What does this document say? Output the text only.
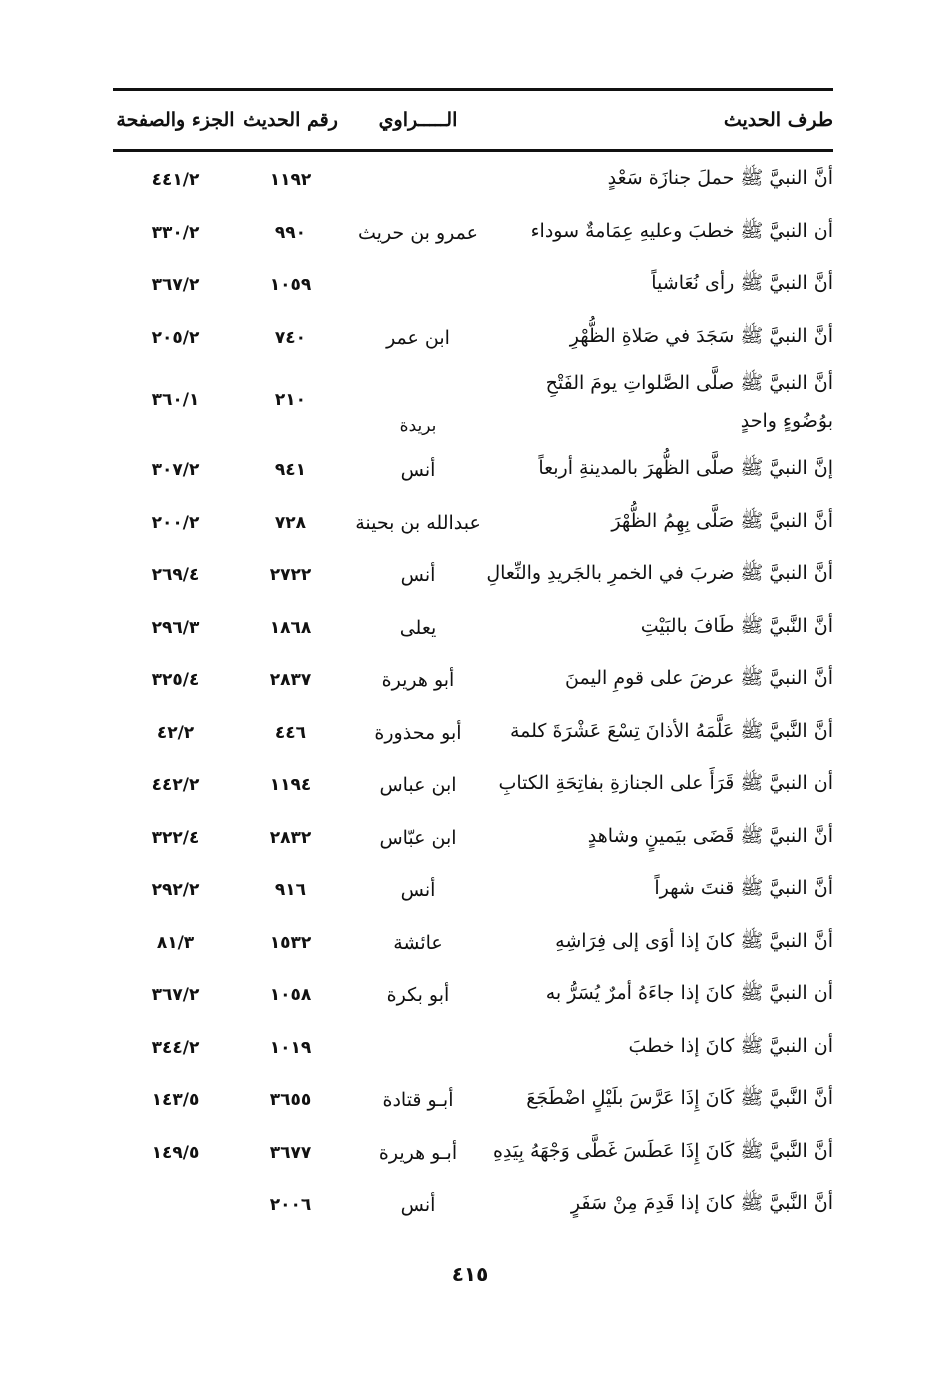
طرف الحديث
الـــــراوي
رقم الحديث
الجزء والصفحة
أنَّ النبيَّ ﷺ حملَ جنازَة سَعْدٍ
١١٩٢
٤٤١/٢
أن النبيَّ ﷺ خطبَ وعليهِ عِمَامةٌ سوداء
عمرو بن حريث
٩٩٠
٣٣٠/٢
أنَّ النبيَّ ﷺ رأى نُعَاشياً
١٠٥٩
٣٦٧/٢
أنَّ النبيَّ ﷺ سَجَدَ في صَلاةِ الظُّهْرِ
ابن عمر
٧٤٠
٢٠٥/٢
أنَّ النبيَّ ﷺ صلَّى الصَّلواتِ يومَ الفَتْحِ بوُضُوءٍ واحدٍ
بريدة
٢١٠
٣٦٠/١
إنَّ النبيَّ ﷺ صلَّى الظُّهرَ بالمدينةِ أربعاً
أنس
٩٤١
٣٠٧/٢
أنَّ النبيَّ ﷺ صَلَّى بِهِمُ الظُّهْرَ
عبدالله بن بحينة
٧٢٨
٢٠٠/٢
أنَّ النبيَّ ﷺ ضربَ في الخمرِ بالجَريدِ والنِّعالِ
أنس
٢٧٢٢
٢٦٩/٤
أنَّ النَّبيَّ ﷺ طَافَ بالبَيْتِ
يعلى
١٨٦٨
٢٩٦/٣
أنَّ النبيَّ ﷺ عرضَ على قومِ اليمنَ
أبو هريرة
٢٨٣٧
٣٢٥/٤
أنَّ النَّبيَّ ﷺ عَلَّمَهُ الأذانَ تِسْعَ عَشْرَةَ كلمة
أبو محذورة
٤٤٦
٤٢/٢
أن النبيَّ ﷺ قَرَأَ على الجنازةِ بفاتِحَةِ الكتابِ
ابن عباس
١١٩٤
٤٤٢/٢
أنَّ النبيَّ ﷺ قَضَى بيَمينٍ وشاهدٍ
ابن عبّاس
٢٨٣٢
٣٢٢/٤
أنَّ النبيَّ ﷺ قنتَ شهراً
أنس
٩١٦
٢٩٢/٢
أنَّ النبيَّ ﷺ كانَ إذا أوَى إلى فِرَاشِهِ
عائشة
١٥٣٢
٨١/٣
أن النبيَّ ﷺ كانَ إذا جاءَهُ أمرٌ يُسَرُّ به
أبو بكرة
١٠٥٨
٣٦٧/٢
أن النبيَّ ﷺ كانَ إذا خطبَ
١٠١٩
٣٤٤/٢
أنَّ النَّبيَّ ﷺ كَانَ إِذَا عَرَّسَ بلَيْلٍ اضْطَجَعَ
أبـو قتادة
٣٦٥٥
١٤٣/٥
أنَّ النَّبيَّ ﷺ كَانَ إِذَا عَطَسَ غَطَّى وَجْهَهُ بِيَدِهِ
أبـو هريرة
٣٦٧٧
١٤٩/٥
أنَّ النَّبيَّ ﷺ كانَ إذا قَدِمَ مِنْ سَفَرٍ
أنس
٢٠٠٦
٤١٥
